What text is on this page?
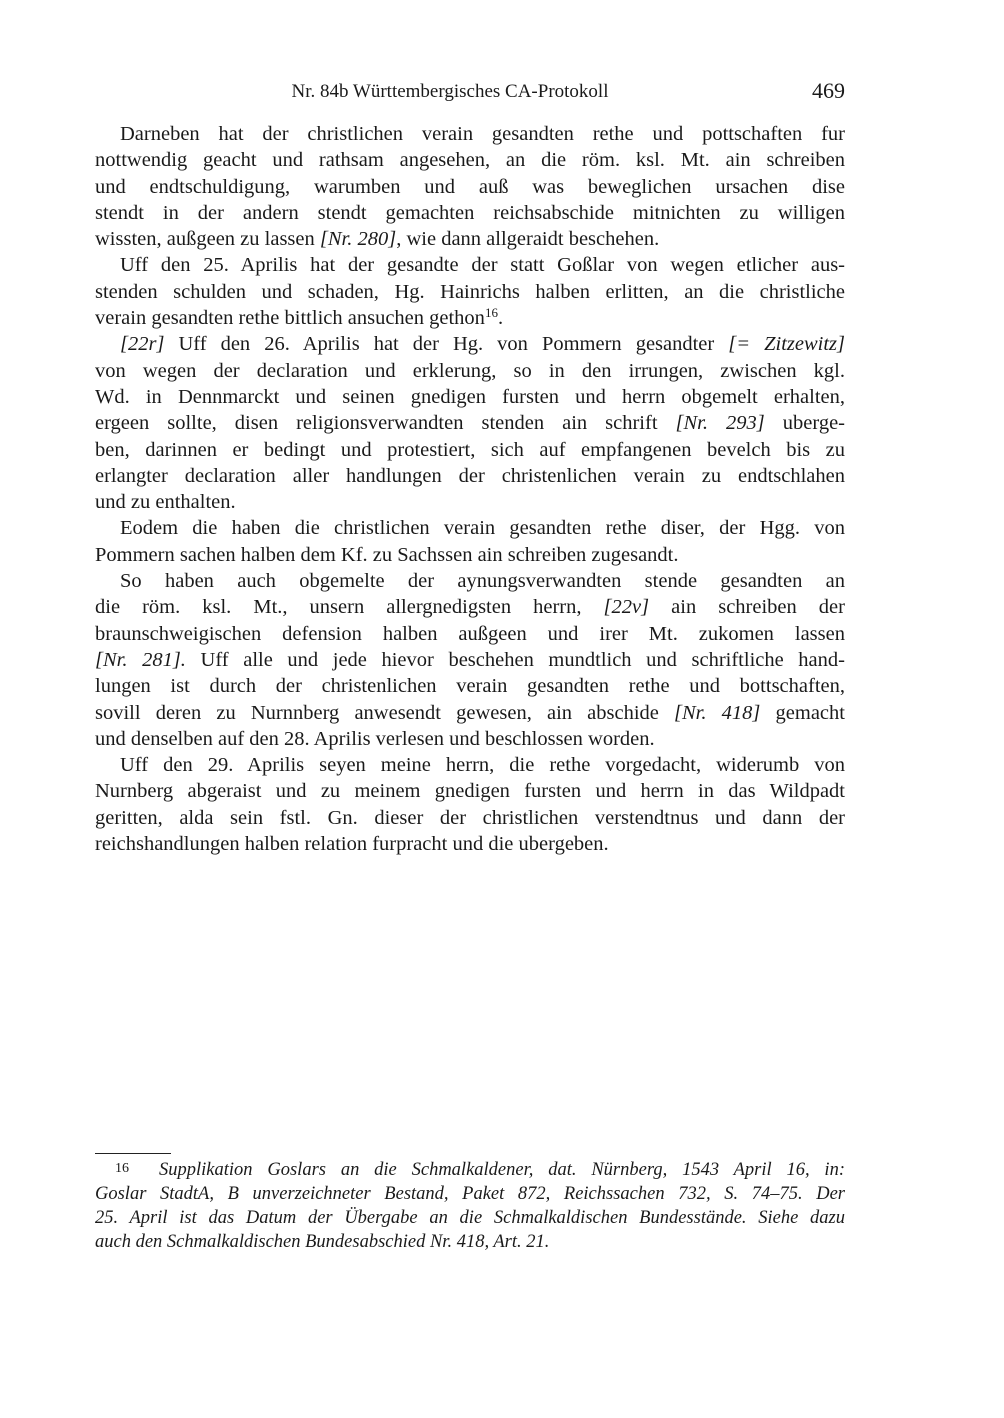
Nr. 84b Württembergisches CA-Protokoll	469
Darneben hat der christlichen verain gesandten rethe und pottschaften fur
nottwendig geacht und rathsam angesehen, an die röm. ksl. Mt. ain schreiben
und endtschuldigung, warumben und auß was beweglichen ursachen dise
stendt in der andern stendt gemachten reichsabschide mitnichten zu willigen
wissten, außgeen zu lassen [Nr. 280], wie dann allgeraidt beschehen.
Uff den 25. Aprilis hat der gesandte der statt Goßlar von wegen etlicher aus-
stenden schulden und schaden, Hg. Hainrichs halben erlitten, an die christliche
verain gesandten rethe bittlich ansuchen gethon$^{16}$.
[22r] Uff den 26. Aprilis hat der Hg. von Pommern gesandter [= Zitzewitz]
von wegen der declaration und erklerung, so in den irrungen, zwischen kgl.
Wd. in Dennmarckt und seinen gnedigen fursten und herrn obgemelt erhalten,
ergeen sollte, disen religionsverwandten stenden ain schrift [Nr. 293] uberge-
ben, darinnen er bedingt und protestiert, sich auf empfangenen bevelch bis zu
erlangter declaration aller handlungen der christenlichen verain zu endtschlahen
und zu enthalten.
Eodem die haben die christlichen verain gesandten rethe diser, der Hgg. von
Pommern sachen halben dem Kf. zu Sachssen ain schreiben zugesandt.
So haben auch obgemelte der aynungsverwandten stende gesandten an
die röm. ksl. Mt., unsern allergnedigsten herrn, [22v] ain schreiben der
braunschweigischen defension halben außgeen und irer Mt. zukomen lassen
[Nr. 281]. Uff alle und jede hievor beschehen mundtlich und schriftliche hand-
lungen ist durch der christenlichen verain gesandten rethe und bottschaften,
sovill deren zu Nurnnberg anwesendt gewesen, ain abschide [Nr. 418] gemacht
und denselben auf den 28. Aprilis verlesen und beschlossen worden.
Uff den 29. Aprilis seyen meine herrn, die rethe vorgedacht, widerumb von
Nurnberg abgeraist und zu meinem gnedigen fursten und herrn in das Wildpadt
geritten, alda sein fstl. Gn. dieser der christlichen verstendtnus und dann der
reichshandlungen halben relation furpracht und die ubergeben.
16 Supplikation Goslars an die Schmalkaldener, dat. Nürnberg, 1543 April 16, in:
Goslar StadtA, B unverzeichneter Bestand, Paket 872, Reichssachen 732, S. 74–75. Der
25. April ist das Datum der Übergabe an die Schmalkaldischen Bundesstände. Siehe dazu
auch den Schmalkaldischen Bundesabschied Nr. 418, Art. 21.
